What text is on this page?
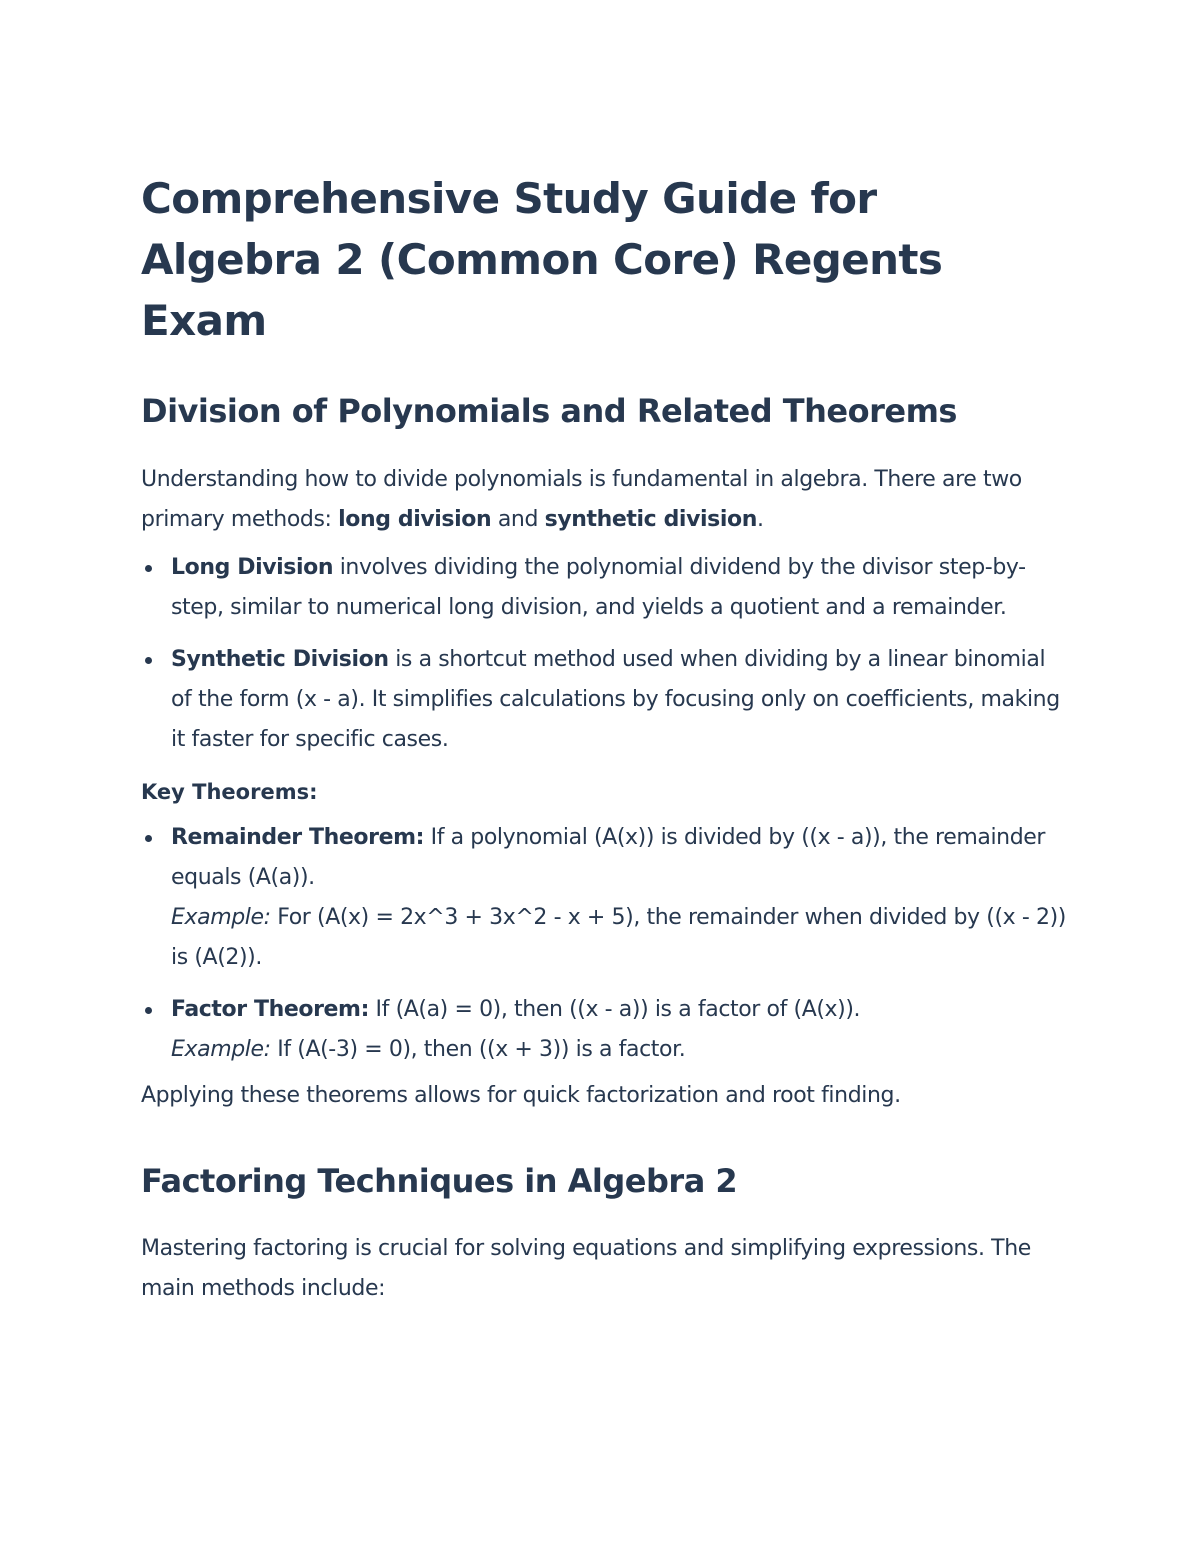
Comprehensive Study Guide for Algebra 2 (Common Core) Regents Exam
Division of Polynomials and Related Theorems

Understanding how to divide polynomials is fundamental in algebra. There are two primary methods: long division and synthetic division.

Long Division involves dividing the polynomial dividend by the divisor step-by-step, similar to numerical long division, and yields a quotient and a remainder.
Synthetic Division is a shortcut method used when dividing by a linear binomial of the form (x - a). It simplifies calculations by focusing only on coefficients, making it faster for specific cases.
Key Theorems:
Remainder Theorem: If a polynomial (A(x)) is divided by ((x - a)), the remainder equals (A(a)).
Example: For (A(x) = 2x^3 + 3x^2 - x + 5), the remainder when divided by ((x - 2)) is (A(2)).
Factor Theorem: If (A(a) = 0), then ((x - a)) is a factor of (A(x)).
Example: If (A(-3) = 0), then ((x + 3)) is a factor.

Applying these theorems allows for quick factorization and root finding.

Factoring Techniques in Algebra 2

Mastering factoring is crucial for solving equations and simplifying expressions. The main methods include:
